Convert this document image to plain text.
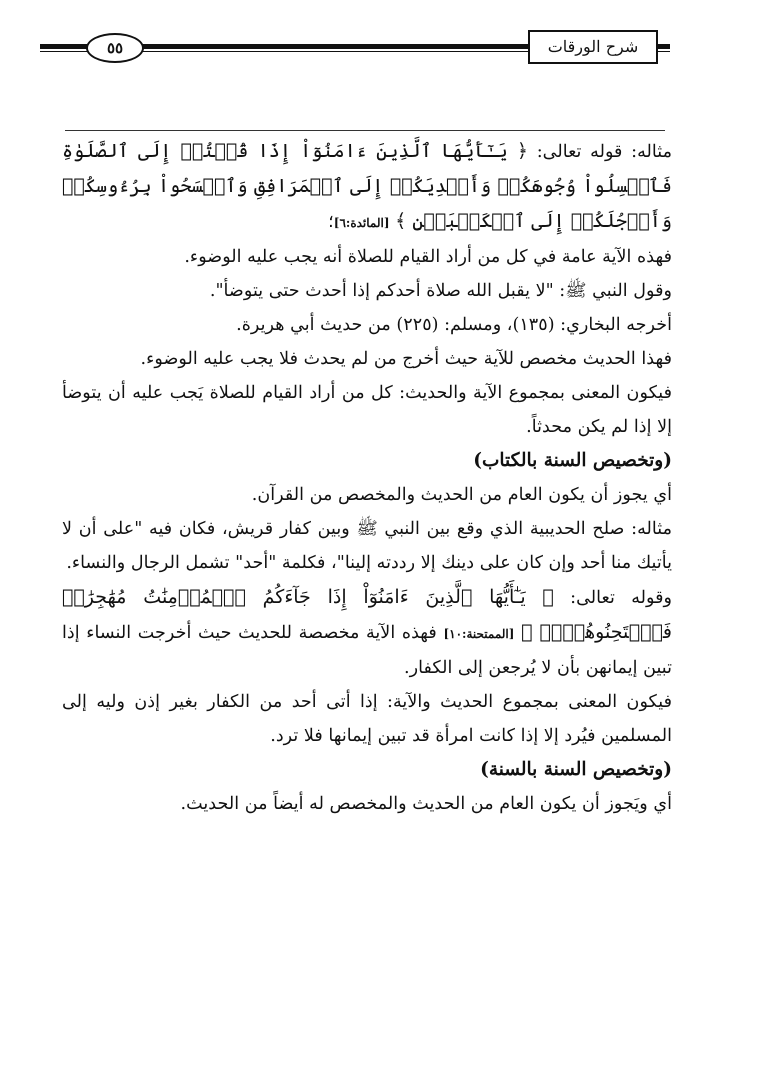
٥٥	شرح الورقات

مثاله: قوله تعالى: ﴿ يَـٰٓأَيُّهَا ٱلَّذِينَ ءَامَنُوٓاْ إِذَا قُمۡتُمۡ إِلَى ٱلصَّلَوٰةِ فَٱغۡسِلُواْ وُجُوهَكُمۡ وَأَيۡدِيَكُمۡ إِلَى ٱلۡمَرَافِقِ وَٱمۡسَحُواْ بِرُءُوسِكُمۡ وَأَرۡجُلَكُمۡ إِلَى ٱلۡكَعۡبَيۡنِ ﴾ [المائدة:٦]؛

فهذه الآية عامة في كل من أراد القيام للصلاة أنه يجب عليه الوضوء.

وقول النبي ﷺ: "لا يقبل الله صلاة أحدكم إذا أحدث حتى يتوضأ".

أخرجه البخاري: (١٣٥)، ومسلم: (٢٢٥) من حديث أبي هريرة.

فهذا الحديث مخصص للآية حيث أخرج من لم يحدث فلا يجب عليه الوضوء.

فيكون المعنى بمجموع الآية والحديث: كل من أراد القيام للصلاة يَجب عليه أن يتوضأ إلا إذا لم يكن محدثاً.

(وتخصيص السنة بالكتاب)

أي يجوز أن يكون العام من الحديث والمخصص من القرآن.

مثاله: صلح الحديبية الذي وقع بين النبي ﷺ وبين كفار قريش، فكان فيه "على أن لا يأتيك منا أحد وإن كان على دينك إلا رددته إلينا"، فكلمة "أحد" تشمل الرجال والنساء.

وقوله تعالى: ﴿ يَـٰٓأَيُّهَا ٱلَّذِينَ ءَامَنُوٓاْ إِذَا جَآءَكُمُ ٱلۡمُؤۡمِنَٰتُ مُهَٰجِرَٰتٖ فَٱمۡتَحِنُوهُنَّۖ ﴾ [الممتحنة:١٠] فهذه الآية مخصصة للحديث حيث أخرجت النساء إذا تبين إيمانهن بأن لا يُرجعن إلى الكفار.

فيكون المعنى بمجموع الحديث والآية: إذا أتى أحد من الكفار بغير إذن وليه إلى المسلمين فيُرد إلا إذا كانت امرأة قد تبين إيمانها فلا ترد.

(وتخصيص السنة بالسنة)

أي ويَجوز أن يكون العام من الحديث والمخصص له أيضاً من الحديث.
